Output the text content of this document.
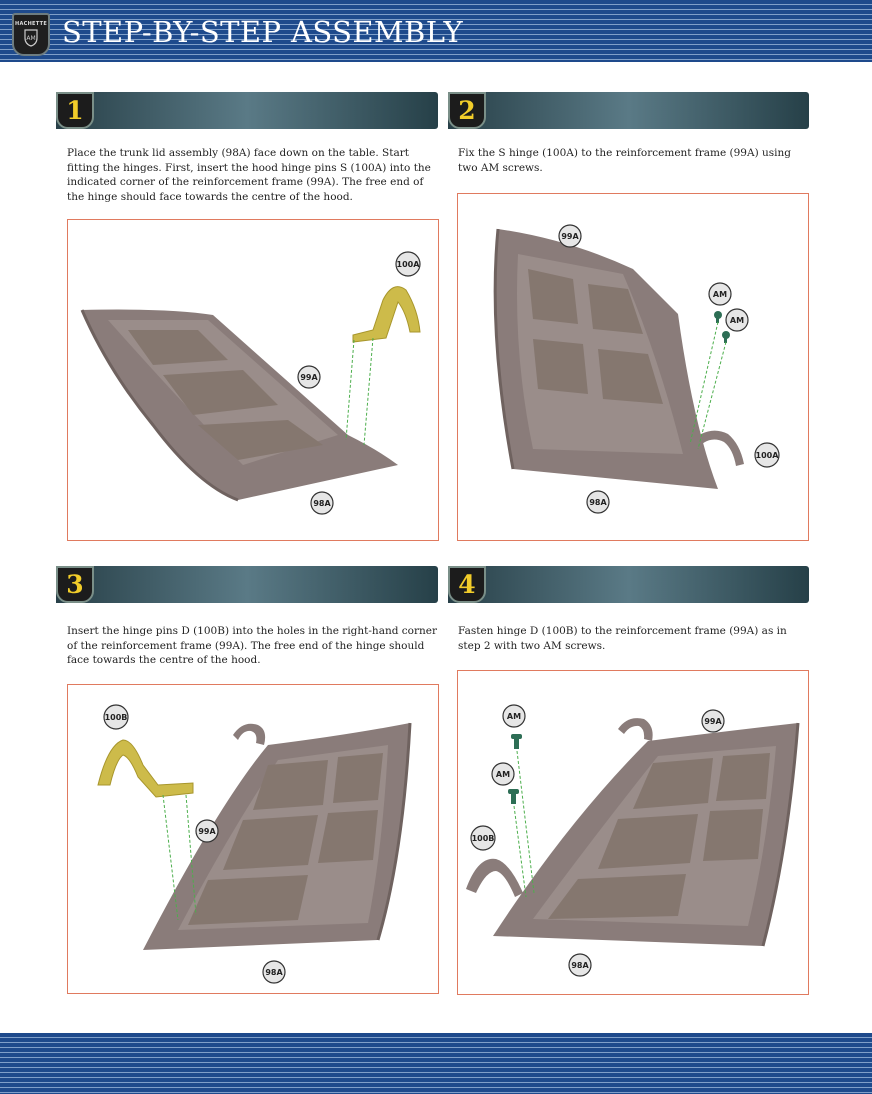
HACHETTE
AM STEP-BY-STEP ASSEMBLY
1
Place the trunk lid assembly (98A) face down on the table. Start fitting the hinges. First, insert the hood hinge pins S (100A) into the indicated corner of the reinforcement frame (99A). The free end of the hinge should face towards the centre of the hood.
100A
99A
98A
2
Fix the S hinge (100A) to the reinforcement frame (99A) using two AM screws.
99A
AM
AM
100A
98A
3
Insert the hinge pins D (100B) into the holes in the right-hand corner of the reinforcement frame (99A). The free end of the hinge should face towards the centre of the hood.
100B
99A
98A
4
Fasten hinge D (100B) to the reinforcement frame (99A) as in step 2 with two AM screws.
AM
99A
AM
100B
98A
